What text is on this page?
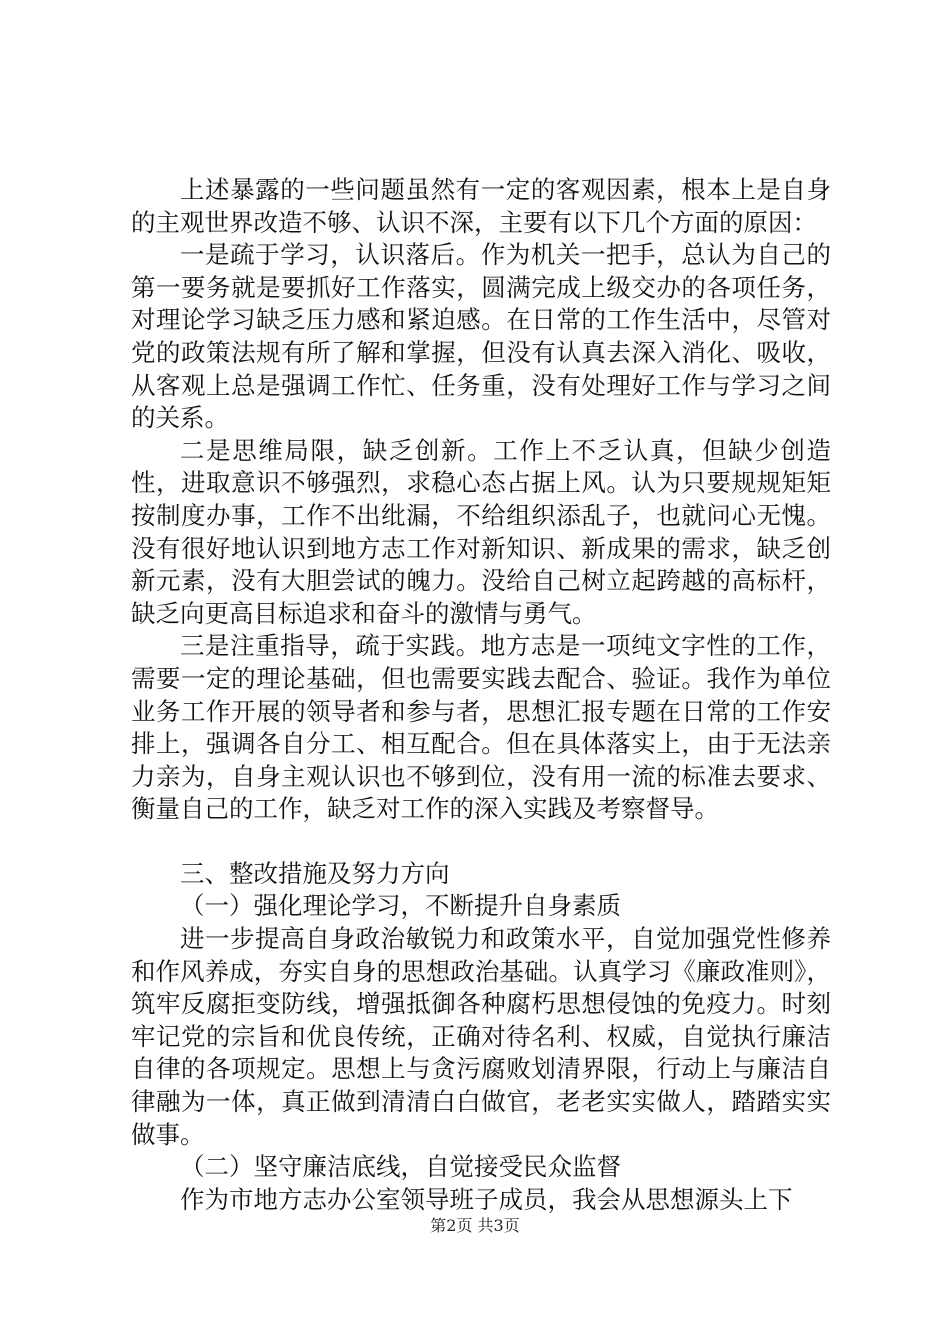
上述暴露的一些问题虽然有一定的客观因素，根本上是自身的主观世界改造不够、认识不深，主要有以下几个方面的原因：

一是疏于学习，认识落后。作为机关一把手，总认为自己的第一要务就是要抓好工作落实，圆满完成上级交办的各项任务，对理论学习缺乏压力感和紧迫感。在日常的工作生活中，尽管对党的政策法规有所了解和掌握，但没有认真去深入消化、吸收，从客观上总是强调工作忙、任务重，没有处理好工作与学习之间的关系。

二是思维局限，缺乏创新。工作上不乏认真，但缺少创造性，进取意识不够强烈，求稳心态占据上风。认为只要规规矩矩按制度办事，工作不出纰漏，不给组织添乱子，也就问心无愧。没有很好地认识到地方志工作对新知识、新成果的需求，缺乏创新元素，没有大胆尝试的魄力。没给自己树立起跨越的高标杆，缺乏向更高目标追求和奋斗的激情与勇气。

三是注重指导，疏于实践。地方志是一项纯文字性的工作，需要一定的理论基础，但也需要实践去配合、验证。我作为单位业务工作开展的领导者和参与者，思想汇报专题在日常的工作安排上，强调各自分工、相互配合。但在具体落实上，由于无法亲力亲为，自身主观认识也不够到位，没有用一流的标准去要求、衡量自己的工作，缺乏对工作的深入实践及考察督导。

三、整改措施及努力方向

（一）强化理论学习，不断提升自身素质

进一步提高自身政治敏锐力和政策水平，自觉加强党性修养和作风养成，夯实自身的思想政治基础。认真学习《廉政准则》，筑牢反腐拒变防线，增强抵御各种腐朽思想侵蚀的免疫力。时刻牢记党的宗旨和优良传统，正确对待名利、权威，自觉执行廉洁自律的各项规定。思想上与贪污腐败划清界限，行动上与廉洁自律融为一体，真正做到清清白白做官，老老实实做人，踏踏实实做事。

（二）坚守廉洁底线，自觉接受民众监督

作为市地方志办公室领导班子成员，我会从思想源头上下

第2页 共3页
